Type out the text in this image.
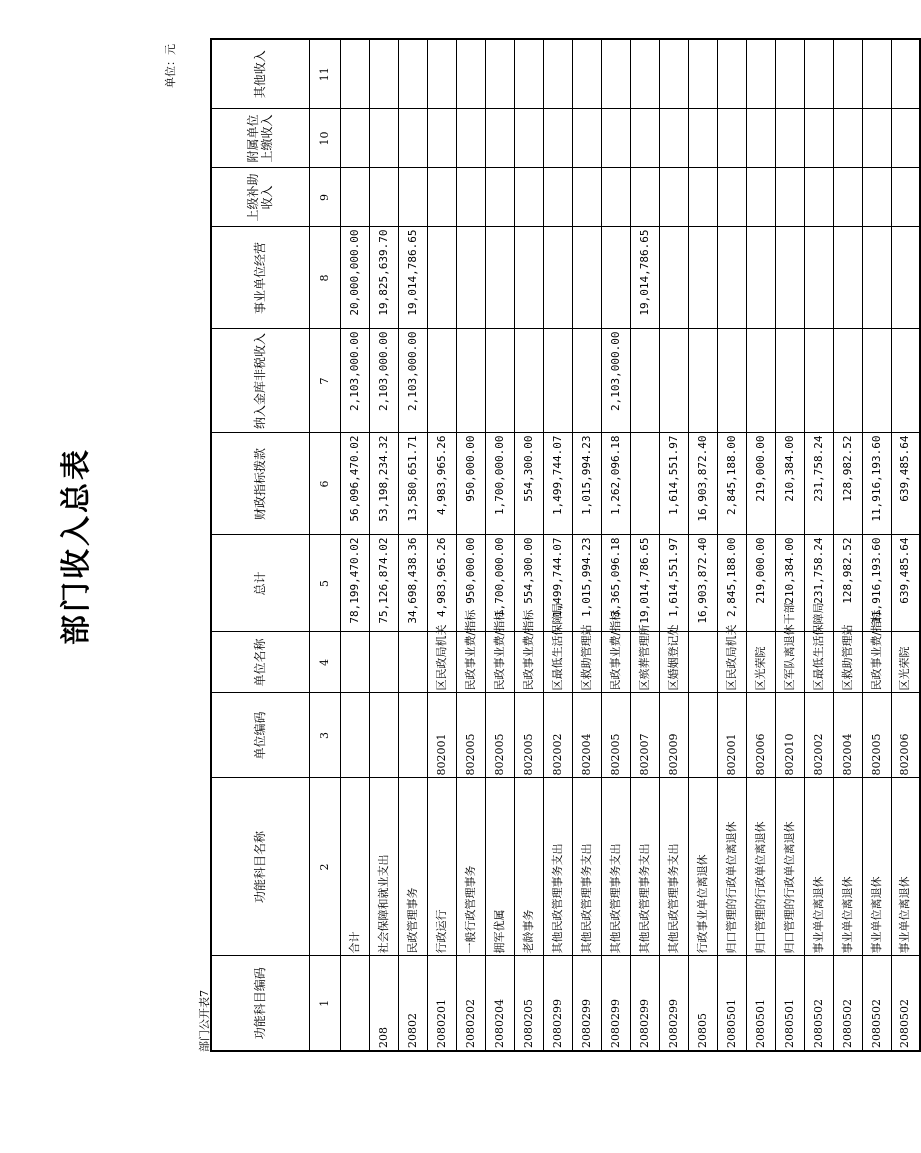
部门收入总表
单位：元
部门公开表7	功能科目编码	功能科目名称	单位编码	单位名称	总计	财政指标拨款	纳入金库非税收入	事业单位经营	上级补助收入	附属单位上缴收入	其他收入
1	2	3	4	5	6	7	8	9	10	11
	合计			78,199,470.02	56,096,470.02	2,103,000.00	20,000,000.00			
208	社会保障和就业支出			75,126,874.02	53,198,234.32	2,103,000.00	19,825,639.70			
20802	民政管理事务			34,698,438.36	13,580,651.71	2,103,000.00	19,014,786.65			
2080201	行政运行	802001	区民政局机关	4,983,965.26	4,983,965.26					
2080202	一般行政管理事务	802005	民政事业费/指标	950,000.00	950,000.00					
2080204	拥军优属	802005	民政事业费/指标	1,700,000.00	1,700,000.00					
2080205	老龄事务	802005	民政事业费/指标	554,300.00	554,300.00					
2080299	其他民政管理事务支出	802002	区最低生活保障局	1,499,744.07	1,499,744.07					
2080299	其他民政管理事务支出	802004	区救助管理站	1,015,994.23	1,015,994.23					
2080299	其他民政管理事务支出	802005	民政事业费/指标	3,365,096.18	1,262,096.18	2,103,000.00				
2080299	其他民政管理事务支出	802007	区殡葬管理所	19,014,786.65			19,014,786.65			
2080299	其他民政管理事务支出	802009	区婚姻登记处	1,614,551.97	1,614,551.97					
20805	行政事业单位离退休			16,903,872.40	16,903,872.40					
2080501	归口管理的行政单位离退休	802001	区民政局机关	2,845,188.00	2,845,188.00					
2080501	归口管理的行政单位离退休	802006	区光荣院	219,000.00	219,000.00					
2080501	归口管理的行政单位离退休	802010	区军队离退休干部	210,384.00	210,384.00					
2080502	事业单位离退休	802002	区最低生活保障局	231,758.24	231,758.24					
2080502	事业单位离退休	802004	区救助管理站	128,982.52	128,982.52					
2080502	事业单位离退休	802005	民政事业费/指标	11,916,193.60	11,916,193.60					
2080502	事业单位离退休	802006	区光荣院	639,485.64	639,485.64					
